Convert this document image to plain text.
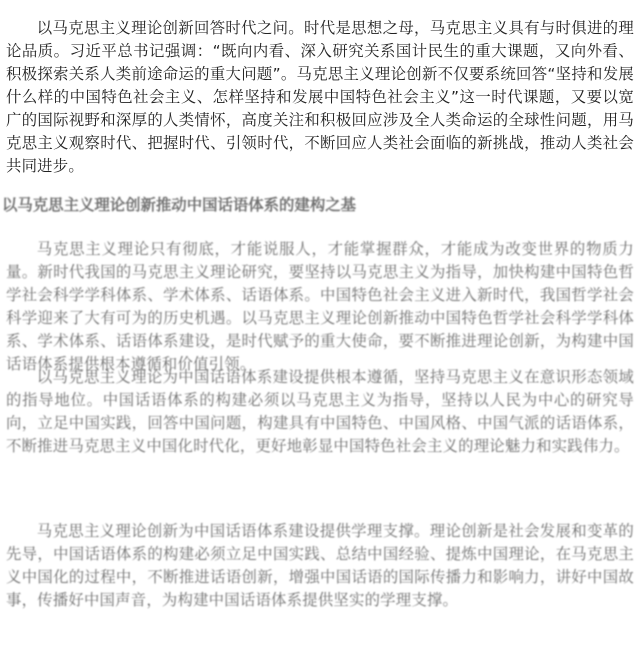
以马克思主义理论创新回答时代之问。时代是思想之母，马克思主义具有与时俱进的理论品质。习近平总书记强调：“既向内看、深入研究关系国计民生的重大课题，又向外看、积极探索关系人类前途命运的重大问题”。马克思主义理论创新不仅要系统回答“坚持和发展什么样的中国特色社会主义、怎样坚持和发展中国特色社会主义”这一时代课题，又要以宽广的国际视野和深厚的人类情怀，高度关注和积极回应涉及全人类命运的全球性问题，用马克思主义观察时代、把握时代、引领时代，不断回应人类社会面临的新挑战，推动人类社会共同进步。

以马克思主义理论创新推动中国话语体系的建构之基

马克思主义理论只有彻底，才能说服人，才能掌握群众，才能成为改变世界的物质力量。新时代我国的马克思主义理论研究，要坚持以马克思主义为指导，加快构建中国特色哲学社会科学学科体系、学术体系、话语体系。中国特色社会主义进入新时代，我国哲学社会科学迎来了大有可为的历史机遇。以马克思主义理论创新推动中国特色哲学社会科学学科体系、学术体系、话语体系建设，是时代赋予的重大使命，要不断推进理论创新，为构建中国话语体系提供根本遵循和价值引领。

以马克思主义理论为中国话语体系建设提供根本遵循，坚持马克思主义在意识形态领域的指导地位。中国话语体系的构建必须以马克思主义为指导，坚持以人民为中心的研究导向，立足中国实践，回答中国问题，构建具有中国特色、中国风格、中国气派的话语体系，不断推进马克思主义中国化时代化，更好地彰显中国特色社会主义的理论魅力和实践伟力。

马克思主义理论创新为中国话语体系建设提供学理支撑。理论创新是社会发展和变革的先导，中国话语体系的构建必须立足中国实践、总结中国经验、提炼中国理论，在马克思主义中国化的过程中，不断推进话语创新，增强中国话语的国际传播力和影响力，讲好中国故事，传播好中国声音，为构建中国话语体系提供坚实的学理支撑。
